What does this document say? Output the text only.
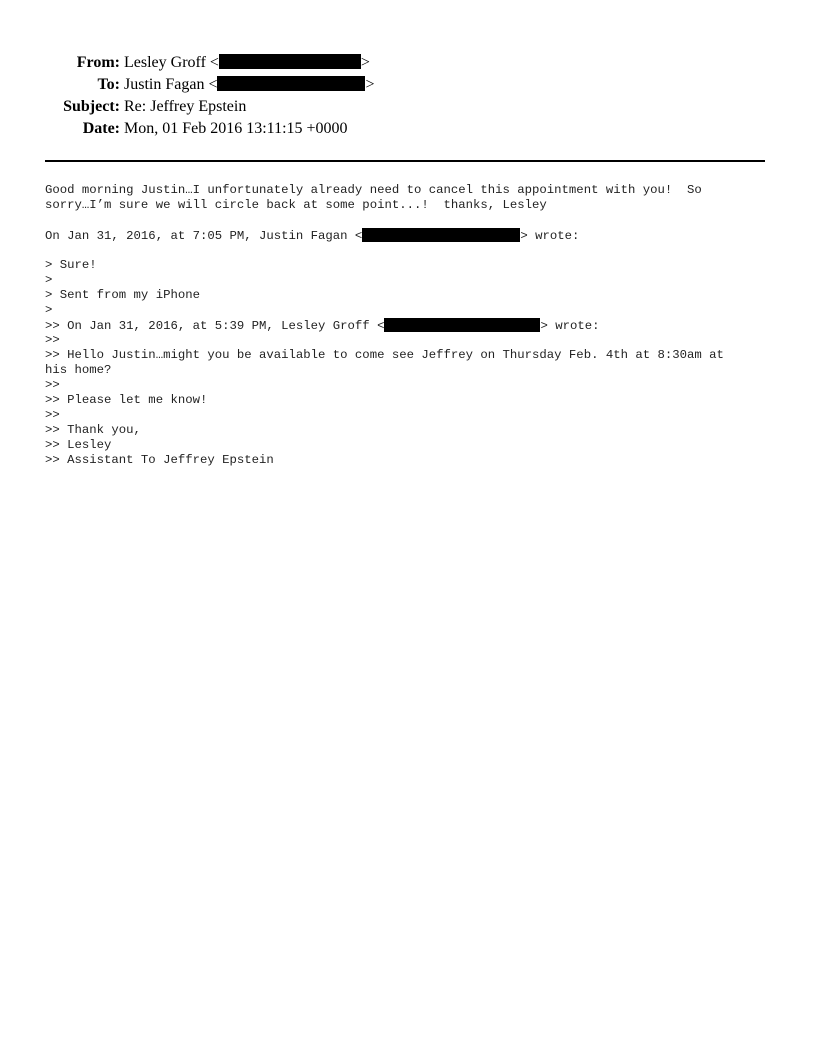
From: Lesley Groff <	>
To: Justin Fagan <	>
Subject: Re: Jeffrey Epstein
Date: Mon, 01 Feb 2016 13:11:15 +0000
Good morning Justin…I unfortunately already need to cancel this appointment with you!  So
sorry…I’m sure we will circle back at some point...!  thanks, Lesley
On Jan 31, 2016, at 7:05 PM, Justin Fagan <	> wrote:
> Sure!
>
> Sent from my iPhone
>
>> On Jan 31, 2016, at 5:39 PM, Lesley Groff <	> wrote:
>>
>> Hello Justin…might you be available to come see Jeffrey on Thursday Feb. 4th at 8:30am at
his home?
>>
>> Please let me know!
>>
>> Thank you,
>> Lesley
>> Assistant To Jeffrey Epstein
